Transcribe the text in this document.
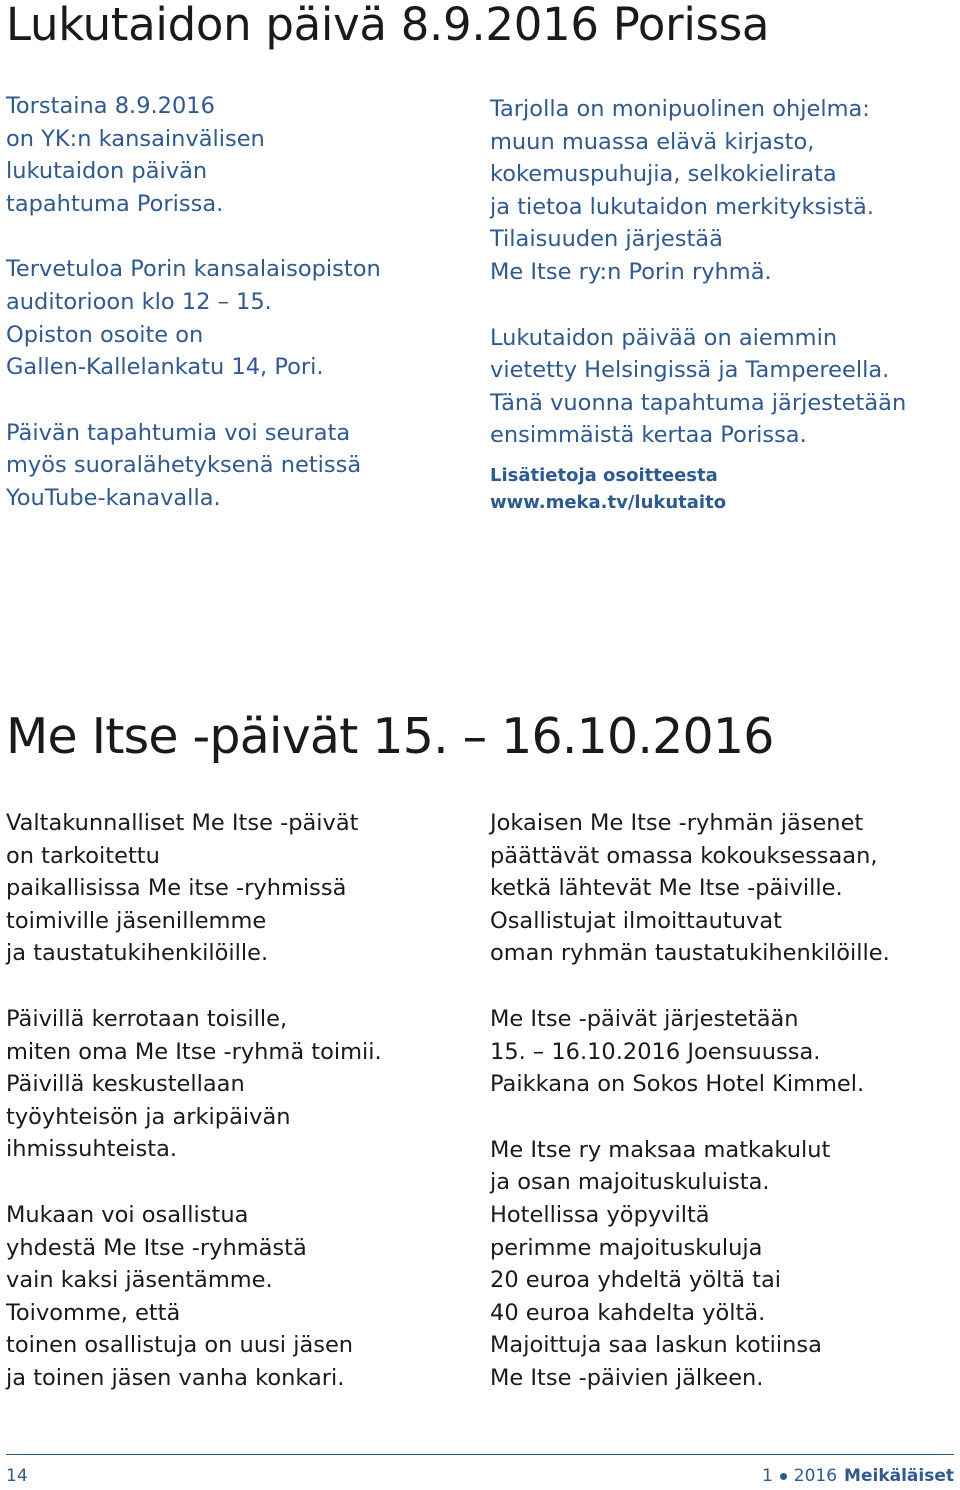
Lukutaidon päivä 8.9.2016 Porissa

Torstaina 8.9.2016
on YK:n kansainvälisen
lukutaidon päivän
tapahtuma Porissa.

Tervetuloa Porin kansalaisopiston
auditorioon klo 12 – 15.
Opiston osoite on
Gallen-Kallelankatu 14, Pori.

Päivän tapahtumia voi seurata
myös suoralähetyksenä netissä
YouTube-kanavalla.

Tarjolla on monipuolinen ohjelma:
muun muassa elävä kirjasto,
kokemuspuhujia, selkokielirata
ja tietoa lukutaidon merkityksistä.
Tilaisuuden järjestää
Me Itse ry:n Porin ryhmä.

Lukutaidon päivää on aiemmin
vietetty Helsingissä ja Tampereella.
Tänä vuonna tapahtuma järjestetään
ensimmäistä kertaa Porissa.

Lisätietoja osoitteesta
www.meka.tv/lukutaito
Me Itse -päivät 15. – 16.10.2016

Valtakunnalliset Me Itse -päivät
on tarkoitettu
paikallisissa Me itse -ryhmissä
toimiville jäsenillemme
ja taustatukihenkilöille.

Päivillä kerrotaan toisille,
miten oma Me Itse -ryhmä toimii.
Päivillä keskustellaan
työyhteisön ja arkipäivän
ihmissuhteista.

Mukaan voi osallistua
yhdestä Me Itse -ryhmästä
vain kaksi jäsentämme.
Toivomme, että
toinen osallistuja on uusi jäsen
ja toinen jäsen vanha konkari.

Jokaisen Me Itse -ryhmän jäsenet
päättävät omassa kokouksessaan,
ketkä lähtevät Me Itse -päiville.
Osallistujat ilmoittautuvat
oman ryhmän taustatukihenkilöille.

Me Itse -päivät järjestetään
15. – 16.10.2016 Joensuussa.
Paikkana on Sokos Hotel Kimmel.

Me Itse ry maksaa matkakulut
ja osan majoituskuluista.
Hotellissa yöpyviltä
perimme majoituskuluja
20 euroa yhdeltä yöltä tai
40 euroa kahdelta yöltä.
Majoittuja saa laskun kotiinsa
Me Itse -päivien jälkeen.

14	1 2016 Meikäläiset
